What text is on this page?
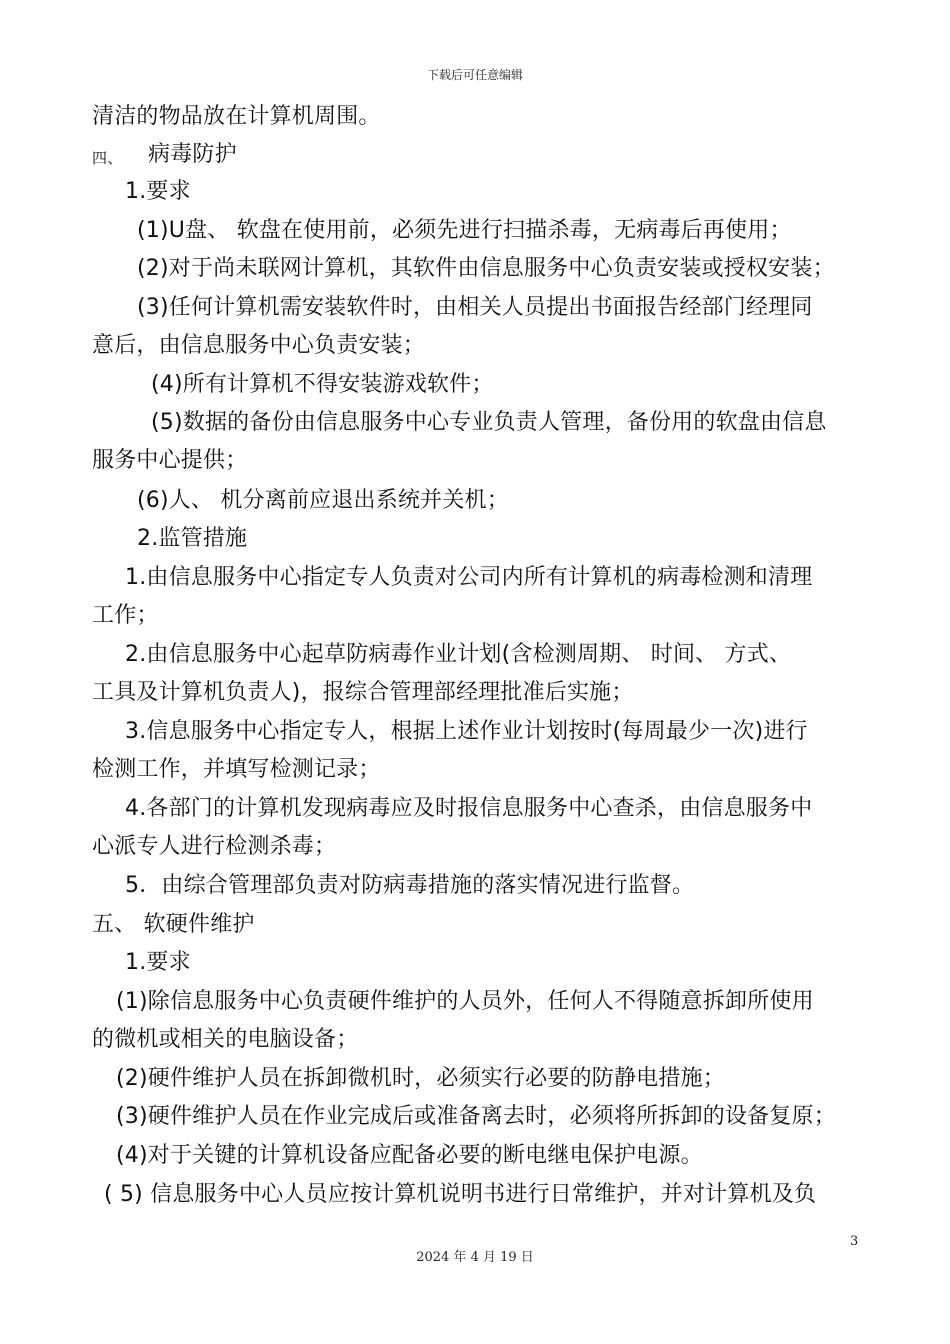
下载后可任意编辑
清洁的物品放在计算机周围。
四、 病毒防护
1.要求
(1)U盘、 软盘在使用前，必须先进行扫描杀毒，无病毒后再使用；
(2)对于尚未联网计算机，其软件由信息服务中心负责安装或授权安装；
(3)任何计算机需安装软件时，由相关人员提出书面报告经部门经理同
意后，由信息服务中心负责安装；
(4)所有计算机不得安装游戏软件；
(5)数据的备份由信息服务中心专业负责人管理，备份用的软盘由信息
服务中心提供；
(6)人、 机分离前应退出系统并关机；
2.监管措施
1.由信息服务中心指定专人负责对公司内所有计算机的病毒检测和清理
工作；
2.由信息服务中心起草防病毒作业计划(含检测周期、 时间、 方式、
工具及计算机负责人)，报综合管理部经理批准后实施；
3.信息服务中心指定专人，根据上述作业计划按时(每周最少一次)进行
检测工作，并填写检测记录；
4.各部门的计算机发现病毒应及时报信息服务中心查杀，由信息服务中
心派专人进行检测杀毒；
5．由综合管理部负责对防病毒措施的落实情况进行监督。
五、 软硬件维护
1.要求
(1)除信息服务中心负责硬件维护的人员外，任何人不得随意拆卸所使用
的微机或相关的电脑设备；
(2)硬件维护人员在拆卸微机时，必须实行必要的防静电措施；
(3)硬件维护人员在作业完成后或准备离去时，必须将所拆卸的设备复原；
(4)对于关键的计算机设备应配备必要的断电继电保护电源。
( 5) 信息服务中心人员应按计算机说明书进行日常维护，并对计算机及负
3
2024 年 4 月 19 日
